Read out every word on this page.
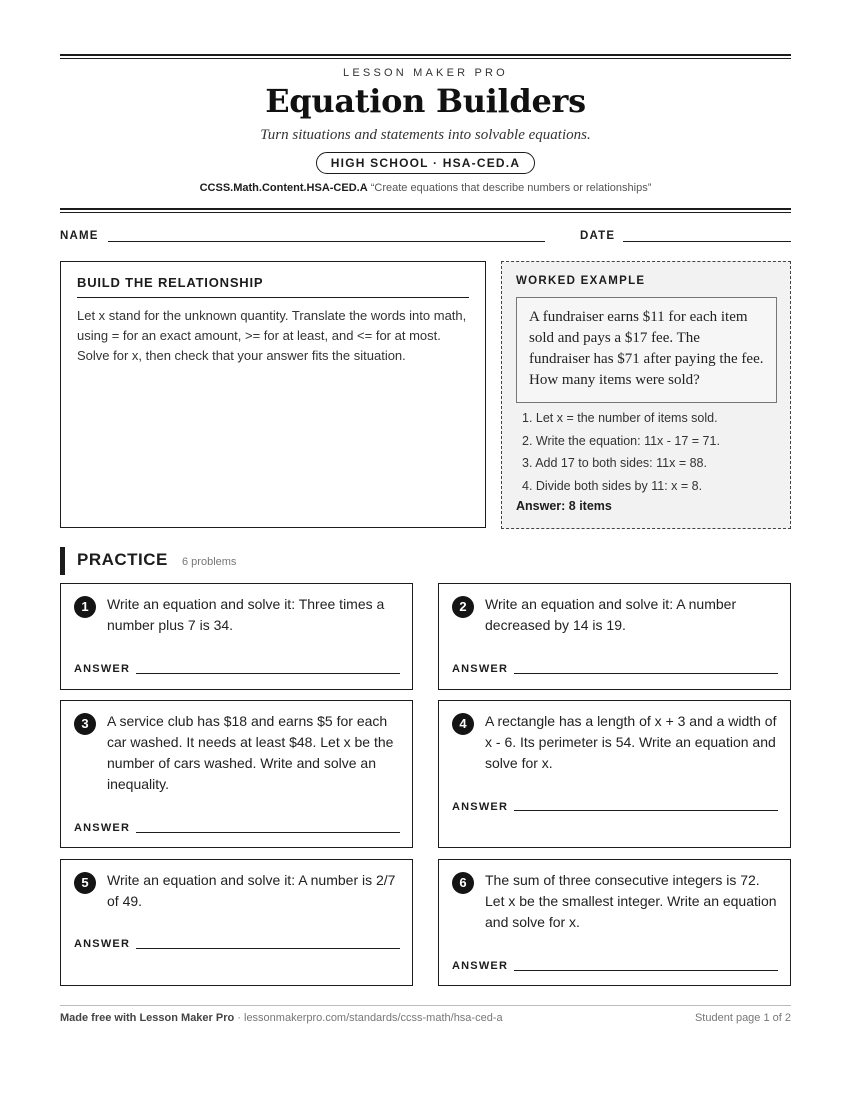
LESSON MAKER PRO
Equation Builders
Turn situations and statements into solvable equations.
HIGH SCHOOL · HSA-CED.A
CCSS.Math.Content.HSA-CED.A “Create equations that describe numbers or relationships”
NAME	DATE
BUILD THE RELATIONSHIP

Let x stand for the unknown quantity. Translate the words into math, using = for an exact amount, >= for at least, and <= for at most. Solve for x, then check that your answer fits the situation.

WORKED EXAMPLE
A fundraiser earns $11 for each item sold and pays a $17 fee. The fundraiser has $71 after paying the fee. How many items were sold?
1. Let x = the number of items sold.
2. Write the equation: 11x - 17 = 71.
3. Add 17 to both sides: 11x = 88.
4. Divide both sides by 11: x = 8.
Answer: 8 items
PRACTICE 6 problems
1	Write an equation and solve it: Three times a number plus 7 is 34.
ANSWER
2	Write an equation and solve it: A number decreased by 14 is 19.
ANSWER
3	A service club has $18 and earns $5 for each car washed. It needs at least $48. Let x be the number of cars washed. Write and solve an inequality.
ANSWER
4	A rectangle has a length of x + 3 and a width of x - 6. Its perimeter is 54. Write an equation and solve for x.
ANSWER
5	Write an equation and solve it: A number is 2/7 of 49.
ANSWER
6	The sum of three consecutive integers is 72. Let x be the smallest integer. Write an equation and solve for x.
ANSWER
Made free with Lesson Maker Pro · lessonmakerpro.com/standards/ccss-math/hsa-ced-a	Student page 1 of 2
